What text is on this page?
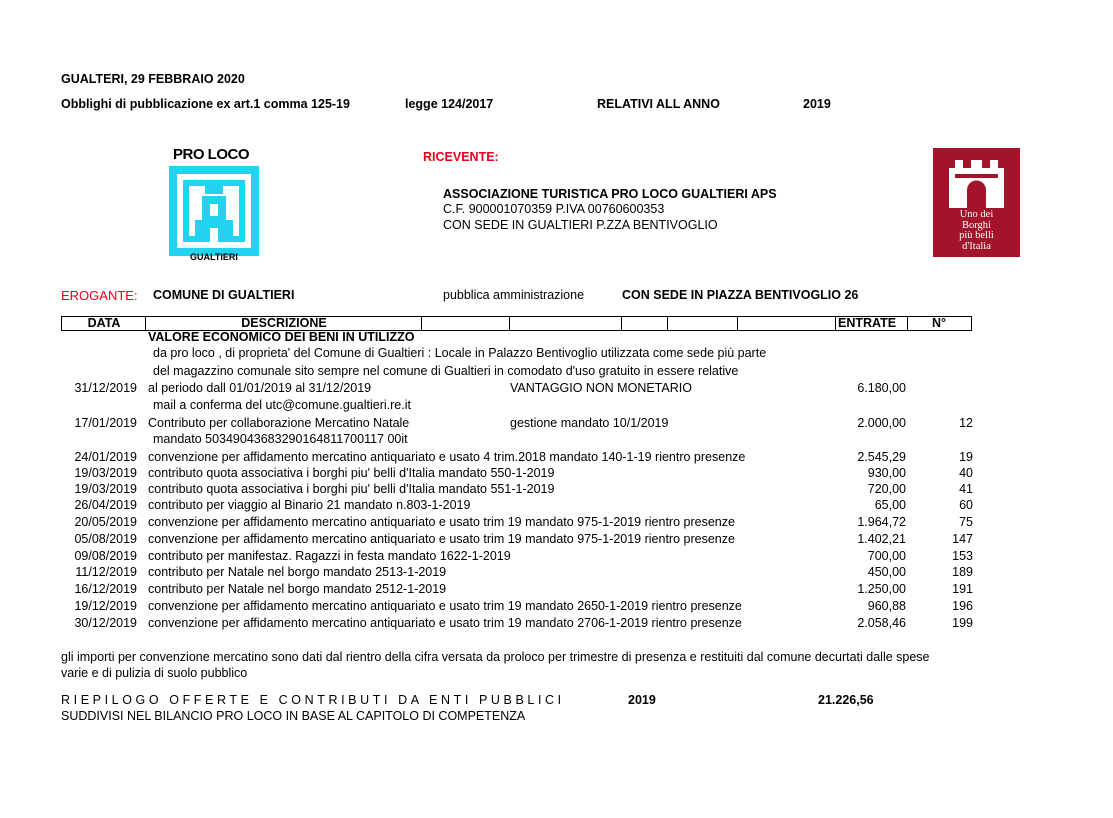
GUALTERI, 29 FEBBRAIO 2020
Obblighi di pubblicazione ex art.1 comma 125-19	legge 124/2017	RELATIVI ALL ANNO	2019
PRO LOCO
GUALTIERI
RICEVENTE:
ASSOCIAZIONE TURISTICA PRO LOCO GUALTIERI APS
C.F. 900001070359 P.IVA 00760600353
CON SEDE IN GUALTIERI P.ZZA BENTIVOGLIO
Uno dei
Borghi
più belli
d'Italia
EROGANTE: COMUNE DI GUALTIERI	pubblica amministrazione	CON SEDE IN PIAZZA BENTIVOGLIO 26
DATA	DESCRIZIONE	ENTRATE	N°
VALORE ECONOMICO DEI BENI IN UTILIZZO
da pro loco , di proprieta' del Comune di Gualtieri : Locale in Palazzo Bentivoglio utilizzata come sede più parte
del magazzino comunale sito sempre nel comune di Gualtieri in comodato d'uso gratuito in essere relative
31/12/2019 al periodo dall 01/01/2019 al 31/12/2019	VANTAGGIO NON MONETARIO	6.180,00
mail a conferma del utc@comune.gualtieri.re.it
17/01/2019 Contributo per collaborazione Mercatino Natale	gestione mandato 10/1/2019	2.000,00	12
mandato 50349043683290164811700117 00it
24/01/2019 convenzione per affidamento mercatino antiquariato e usato 4 trim.2018 mandato 140-1-19 rientro presenze	2.545,29	19
19/03/2019 contributo quota associativa i borghi piu' belli d'Italia mandato 550-1-2019	930,00	40
19/03/2019 contributo quota associativa i borghi piu' belli d'Italia mandato 551-1-2019	720,00	41
26/04/2019 contributo per viaggio al Binario 21 mandato n.803-1-2019	65,00	60
20/05/2019 convenzione per affidamento mercatino antiquariato e usato trim 19 mandato 975-1-2019 rientro presenze	1.964,72	75
05/08/2019 convenzione per affidamento mercatino antiquariato e usato trim 19 mandato 975-1-2019 rientro presenze	1.402,21	147
09/08/2019 contributo per manifestaz. Ragazzi in festa mandato 1622-1-2019	700,00	153
11/12/2019 contributo per Natale nel borgo mandato 2513-1-2019	450,00	189
16/12/2019 contributo per Natale nel borgo mandato 2512-1-2019	1.250,00	191
19/12/2019 convenzione per affidamento mercatino antiquariato e usato trim 19 mandato 2650-1-2019 rientro presenze	960,88	196
30/12/2019 convenzione per affidamento mercatino antiquariato e usato trim 19 mandato 2706-1-2019 rientro presenze	2.058,46	199
gli importi per convenzione mercatino sono dati dal rientro della cifra versata da proloco per trimestre di presenza e restituiti dal comune decurtati dalle spese
varie e di pulizia di suolo pubblico
RIEPILOGO OFFERTE E CONTRIBUTI DA ENTI PUBBLICI	2019	21.226,56
SUDDIVISI NEL BILANCIO PRO LOCO IN BASE AL CAPITOLO DI COMPETENZA
